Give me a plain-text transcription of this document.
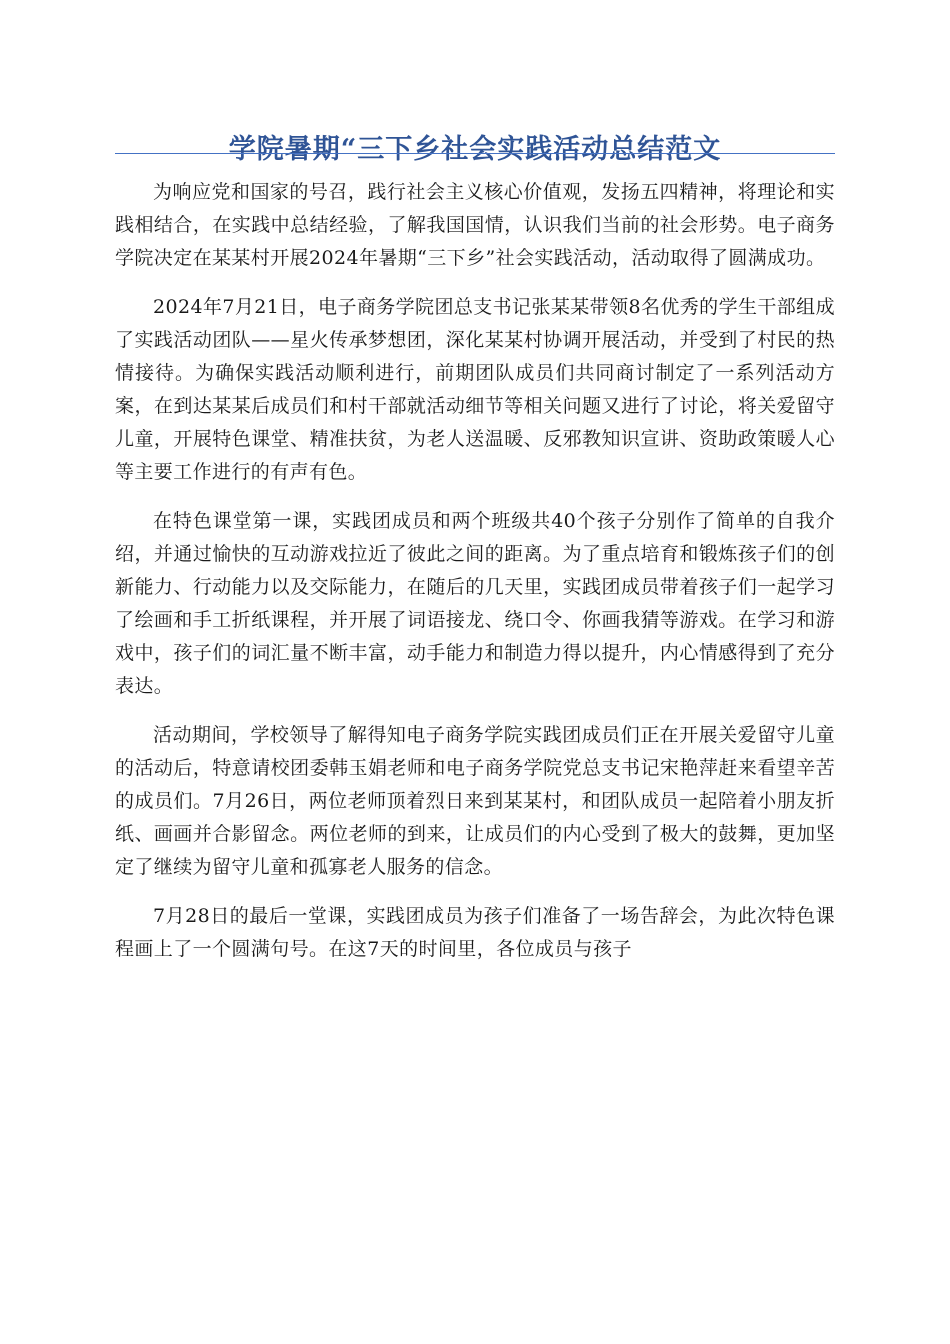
学院暑期“三下乡社会实践活动总结范文

为响应党和国家的号召，践行社会主义核心价值观，发扬五四精神，将理论和实践相结合，在实践中总结经验，了解我国国情，认识我们当前的社会形势。电子商务学院决定在某某村开展2024年暑期“三下乡”社会实践活动，活动取得了圆满成功。

2024年7月21日，电子商务学院团总支书记张某某带领8名优秀的学生干部组成了实践活动团队——星火传承梦想团，深化某某村协调开展活动，并受到了村民的热情接待。为确保实践活动顺利进行，前期团队成员们共同商讨制定了一系列活动方案，在到达某某后成员们和村干部就活动细节等相关问题又进行了讨论，将关爱留守儿童，开展特色课堂、精准扶贫，为老人送温暖、反邪教知识宣讲、资助政策暖人心等主要工作进行的有声有色。

在特色课堂第一课，实践团成员和两个班级共40个孩子分别作了简单的自我介绍，并通过愉快的互动游戏拉近了彼此之间的距离。为了重点培育和锻炼孩子们的创新能力、行动能力以及交际能力，在随后的几天里，实践团成员带着孩子们一起学习了绘画和手工折纸课程，并开展了词语接龙、绕口令、你画我猜等游戏。在学习和游戏中，孩子们的词汇量不断丰富，动手能力和制造力得以提升，内心情感得到了充分表达。

活动期间，学校领导了解得知电子商务学院实践团成员们正在开展关爱留守儿童的活动后，特意请校团委韩玉娟老师和电子商务学院党总支书记宋艳萍赶来看望辛苦的成员们。7月26日，两位老师顶着烈日来到某某村，和团队成员一起陪着小朋友折纸、画画并合影留念。两位老师的到来，让成员们的内心受到了极大的鼓舞，更加坚定了继续为留守儿童和孤寡老人服务的信念。

7月28日的最后一堂课，实践团成员为孩子们准备了一场告辞会，为此次特色课程画上了一个圆满句号。在这7天的时间里，各位成员与孩子
